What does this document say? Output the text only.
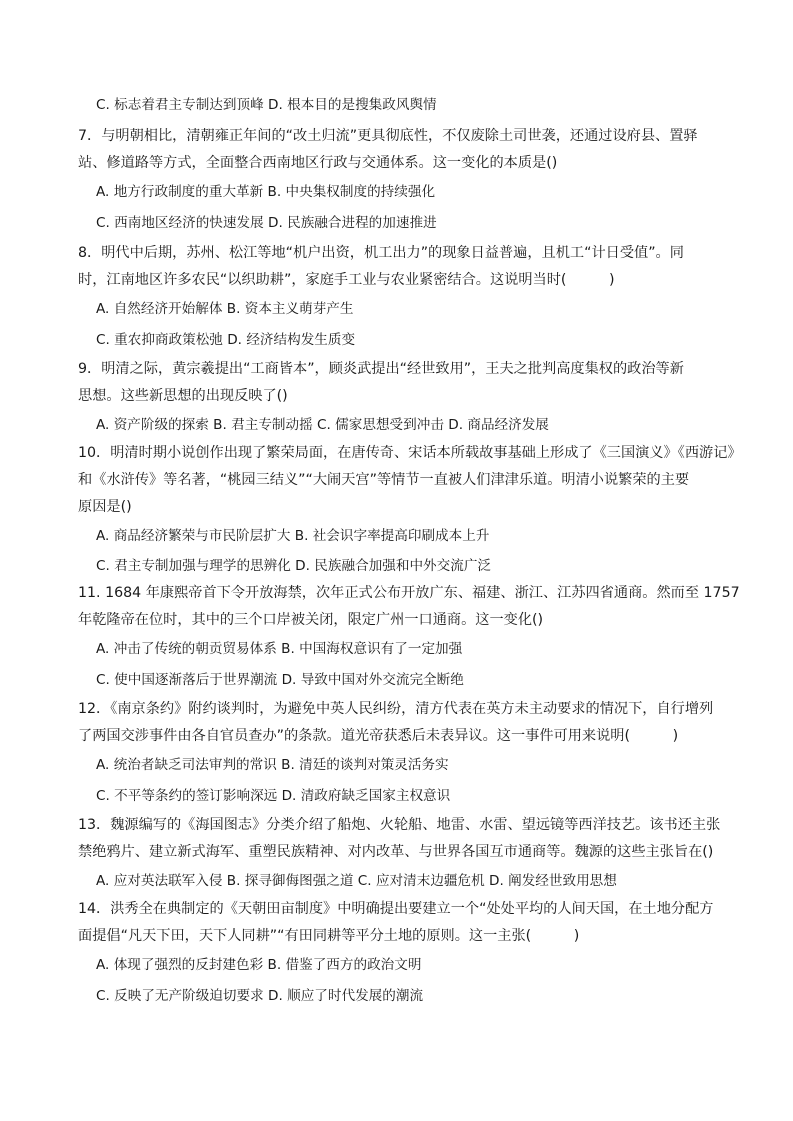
C. 标志着君主专制达到顶峰 D. 根本目的是搜集政风舆情
7．与明朝相比，清朝雍正年间的“改土归流”更具彻底性，不仅废除土司世袭，还通过设府县、置驿
站、修道路等方式，全面整合西南地区行政与交通体系。这一变化的本质是()
A. 地方行政制度的重大革新 B. 中央集权制度的持续强化
C. 西南地区经济的快速发展 D. 民族融合进程的加速推进
8．明代中后期，苏州、松江等地“机户出资，机工出力”的现象日益普遍，且机工“计日受值”。同
时，江南地区许多农民“以织助耕”，家庭手工业与农业紧密结合。这说明当时(　　　)
A. 自然经济开始解体 B. 资本主义萌芽产生
C. 重农抑商政策松弛 D. 经济结构发生质变
9．明清之际，黄宗羲提出“工商皆本”，顾炎武提出“经世致用”，王夫之批判高度集权的政治等新
思想。这些新思想的出现反映了()
A. 资产阶级的探索 B. 君主专制动摇 C. 儒家思想受到冲击 D. 商品经济发展
10．明清时期小说创作出现了繁荣局面，在唐传奇、宋话本所载故事基础上形成了《三国演义》《西游记》
和《水浒传》等名著，“桃园三结义”“大闹天宫”等情节一直被人们津津乐道。明清小说繁荣的主要
原因是()
A. 商品经济繁荣与市民阶层扩大 B. 社会识字率提高印刷成本上升
C. 君主专制加强与理学的思辨化 D. 民族融合加强和中外交流广泛
11. 1684 年康熙帝首下令开放海禁，次年正式公布开放广东、福建、浙江、江苏四省通商。然而至 1757
年乾隆帝在位时，其中的三个口岸被关闭，限定广州一口通商。这一变化()
A. 冲击了传统的朝贡贸易体系 B. 中国海权意识有了一定加强
C. 使中国逐渐落后于世界潮流 D. 导致中国对外交流完全断绝
12．《南京条约》附约谈判时，为避免中英人民纠纷，清方代表在英方未主动要求的情况下，自行增列
了两国交涉事件由各自官员查办”的条款。道光帝获悉后未表异议。这一事件可用来说明(　　　)
A. 统治者缺乏司法审判的常识 B. 清廷的谈判对策灵活务实
C. 不平等条约的签订影响深远 D. 清政府缺乏国家主权意识
13．魏源编写的《海国图志》分类介绍了船炮、火轮船、地雷、水雷、望远镜等西洋技艺。该书还主张
禁绝鸦片、建立新式海军、重塑民族精神、对内改革、与世界各国互市通商等。魏源的这些主张旨在()
A. 应对英法联军入侵 B. 探寻御侮图强之道 C. 应对清末边疆危机 D. 阐发经世致用思想
14．洪秀全在典制定的《天朝田亩制度》中明确提出要建立一个“处处平均的人间天国，在土地分配方
面提倡“凡天下田，天下人同耕”“有田同耕等平分土地的原则。这一主张(　　　)
A. 体现了强烈的反封建色彩 B. 借鉴了西方的政治文明
C. 反映了无产阶级迫切要求 D. 顺应了时代发展的潮流
